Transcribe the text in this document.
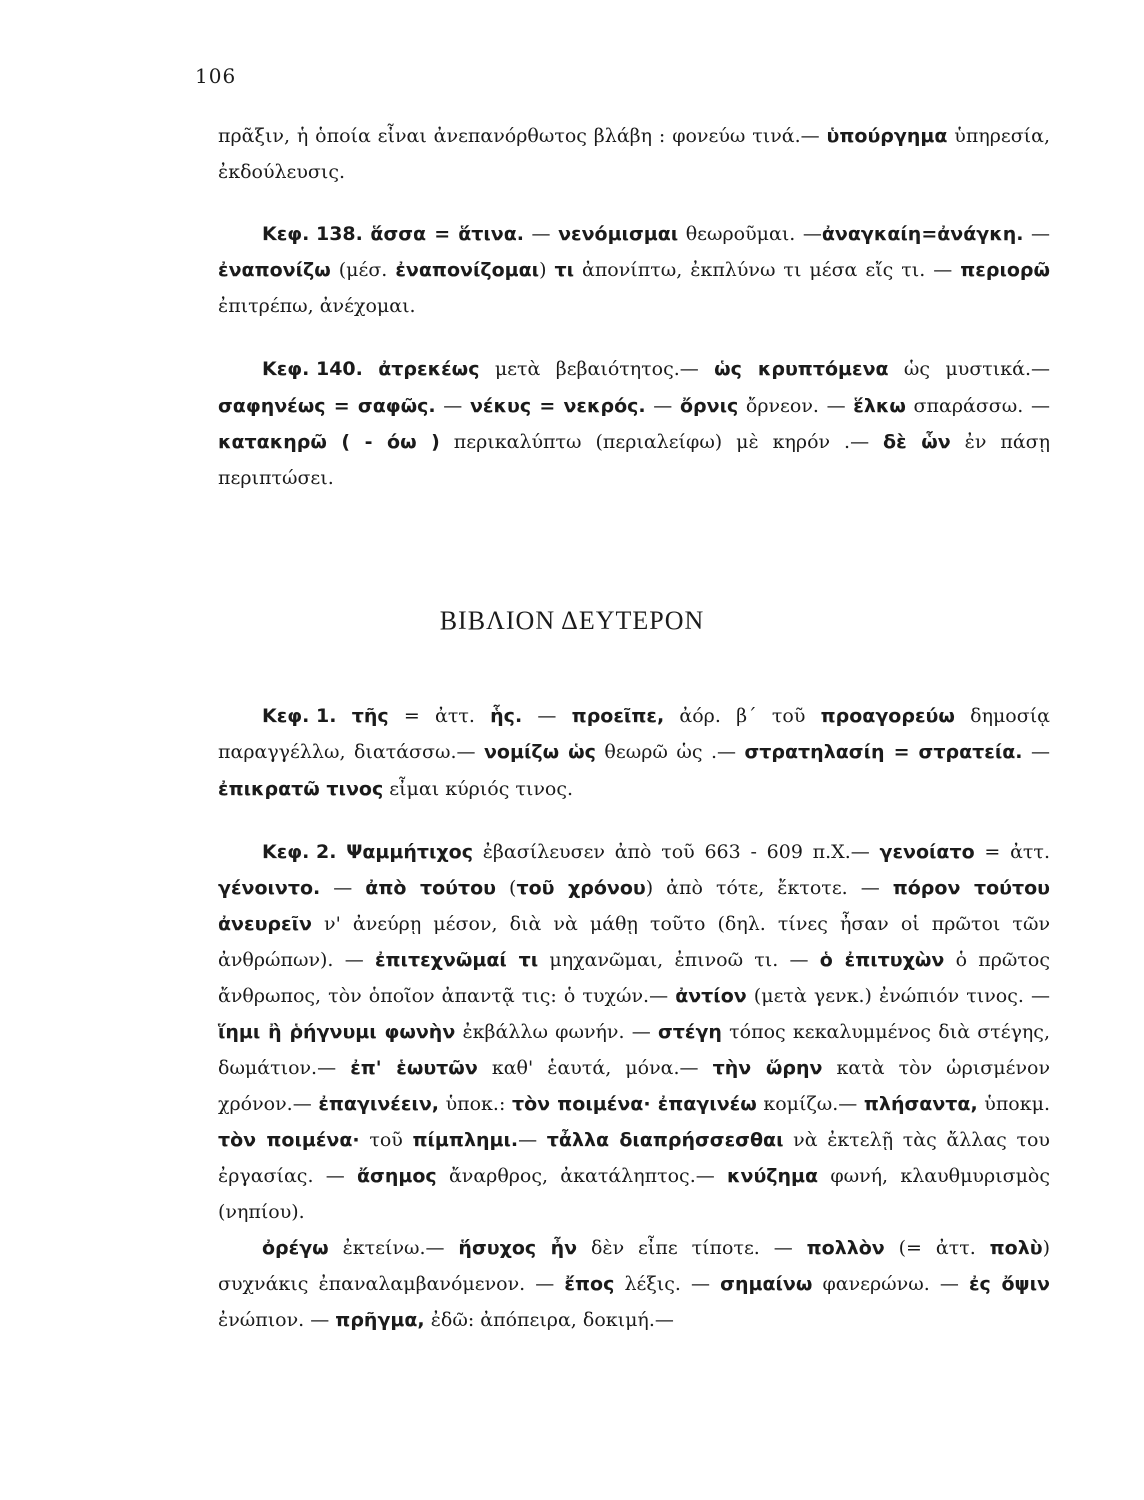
106

πρᾶξιν, ἡ ὁποία εἶναι ἀνεπανόρθωτος βλάβη : φονεύω τινά.— ὑπούργημα ὑπηρεσία, ἐκδούλευσις.

Κεφ. 138. ἅσσα = ἅτινα. — νενόμισμαι θεωροῦμαι. —ἀναγκαίη=ἀνάγκη. — ἐναπονίζω (μέσ. ἐναπονίζομαι) τι ἀπονίπτω, ἐκπλύνω τι μέσα εἴς τι. — περιορῶ ἐπιτρέπω, ἀνέχομαι.

Κεφ. 140. ἀτρεκέως μετὰ βεβαιότητος.— ὡς κρυπτόμενα ὡς μυστικά.— σαφηνέως = σαφῶς. — νέκυς = νεκρός. — ὄρνις ὄρνεον. — ἕλκω σπαράσσω. — κατακηρῶ ( - όω ) περικαλύπτω (περιαλείφω) μὲ κηρόν .— δὲ ὧν ἐν πάσῃ περιπτώσει.

ΒΙΒΛΙΟΝ ΔΕΥΤΕΡΟΝ

Κεφ. 1. τῆς = ἀττ. ἧς. — προεῖπε, ἀόρ. β΄ τοῦ προαγορεύω δημοσίᾳ παραγγέλλω, διατάσσω.— νομίζω ὡς θεωρῶ ὡς .— στρατηλασίη = στρατεία. — ἐπικρατῶ τινος εἶμαι κύριός τινος.

Κεφ. 2. Ψαμμήτιχος ἐβασίλευσεν ἀπὸ τοῦ 663 - 609 π.Χ.— γενοίατο = ἀττ. γένοιντο. — ἀπὸ τούτου (τοῦ χρόνου) ἀπὸ τότε, ἔκτοτε. — πόρον τούτου ἀνευρεῖν ν' ἀνεύρῃ μέσον, διὰ νὰ μάθῃ τοῦτο (δηλ. τίνες ἦσαν οἱ πρῶτοι τῶν ἀνθρώπων). — ἐπιτεχνῶμαί τι μηχανῶμαι, ἐπινοῶ τι. — ὁ ἐπιτυχὼν ὁ πρῶτος ἄνθρωπος, τὸν ὁποῖον ἀπαντᾷ τις: ὁ τυχών.— ἀντίον (μετὰ γενκ.) ἐνώπιόν τινος. — ἵημι ἢ ῥήγνυμι φωνὴν ἐκβάλλω φωνήν. — στέγη τόπος κεκαλυμμένος διὰ στέγης, δωμάτιον.— ἐπ' ἑωυτῶν καθ' ἑαυτά, μόνα.— τὴν ὥρην κατὰ τὸν ὡρισμένον χρόνον.— ἐπαγινέειν, ὑποκ.: τὸν ποιμένα· ἐπαγινέω κομίζω.— πλήσαντα, ὑποκμ. τὸν ποιμένα· τοῦ πίμπλημι.— τἆλλα διαπρήσσεσθαι νὰ ἐκτελῇ τὰς ἄλλας του ἐργασίας. — ἄσημος ἄναρθρος, ἀκατάληπτος.— κνύζημα φωνή, κλαυθμυρισμὸς (νηπίου).
ὀρέγω ἐκτείνω.— ἥσυχος ἦν δὲν εἶπε τίποτε. — πολλὸν (= ἀττ. πολὺ) συχνάκις ἐπαναλαμβανόμενον. — ἔπος λέξις. — σημαίνω φανερώνω. — ἐς ὄψιν ἐνώπιον. — πρῆγμα, ἐδῶ: ἀπόπειρα, δοκιμή.—
